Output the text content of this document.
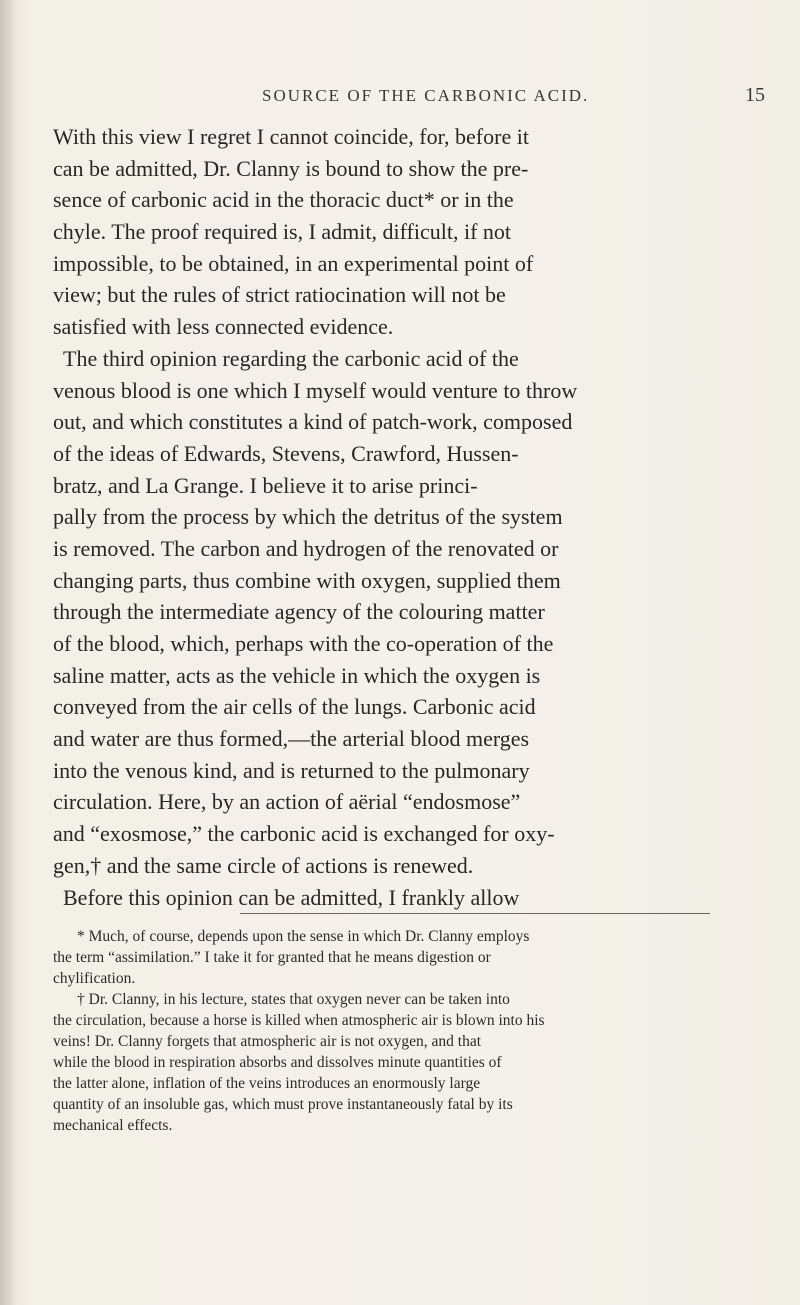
SOURCE OF THE CARBONIC ACID.	15
With this view I regret I cannot coincide, for, before it
can be admitted, Dr. Clanny is bound to show the pre-
sence of carbonic acid in the thoracic duct* or in the
chyle. The proof required is, I admit, difficult, if not
impossible, to be obtained, in an experimental point of
view; but the rules of strict ratiocination will not be
satisfied with less connected evidence.
The third opinion regarding the carbonic acid of the
venous blood is one which I myself would venture to throw
out, and which constitutes a kind of patch-work, composed
of the ideas of Edwards, Stevens, Crawford, Hussen-
bratz, and La Grange. I believe it to arise princi-
pally from the process by which the detritus of the system
is removed. The carbon and hydrogen of the renovated or
changing parts, thus combine with oxygen, supplied them
through the intermediate agency of the colouring matter
of the blood, which, perhaps with the co-operation of the
saline matter, acts as the vehicle in which the oxygen is
conveyed from the air cells of the lungs. Carbonic acid
and water are thus formed,—the arterial blood merges
into the venous kind, and is returned to the pulmonary
circulation. Here, by an action of aërial “endosmose”
and “exosmose,” the carbonic acid is exchanged for oxy-
gen,† and the same circle of actions is renewed.
Before this opinion can be admitted, I frankly allow
* Much, of course, depends upon the sense in which Dr. Clanny employs
the term “assimilation.” I take it for granted that he means digestion or
chylification.
† Dr. Clanny, in his lecture, states that oxygen never can be taken into
the circulation, because a horse is killed when atmospheric air is blown into his
veins! Dr. Clanny forgets that atmospheric air is not oxygen, and that
while the blood in respiration absorbs and dissolves minute quantities of
the latter alone, inflation of the veins introduces an enormously large
quantity of an insoluble gas, which must prove instantaneously fatal by its
mechanical effects.
